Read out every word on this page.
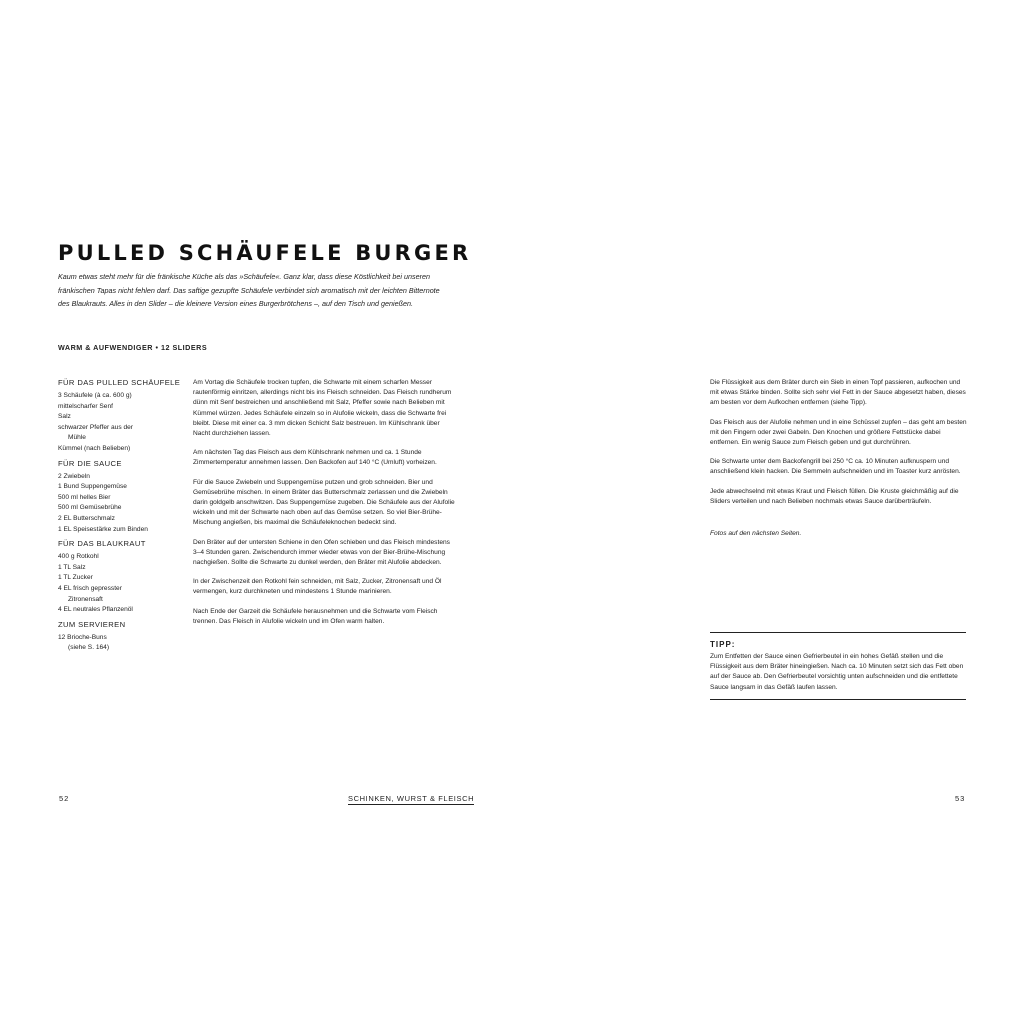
PULLED SCHÄUFELE BURGER
Kaum etwas steht mehr für die fränkische Küche als das »Schäufele«. Ganz klar, dass diese Köstlichkeit bei unseren fränkischen Tapas nicht fehlen darf. Das saftige gezupfte Schäufele verbindet sich aromatisch mit der leichten Bitternote des Blaukrauts. Alles in den Slider – die kleinere Version eines Burgerbrötchens –, auf den Tisch und genießen.
WARM & AUFWENDIGER • 12 SLIDERS
FÜR DAS PULLED SCHÄUFELE
3 Schäufele (à ca. 600 g)
mittelscharfer Senf
Salz
schwarzer Pfeffer aus der
Mühle
Kümmel (nach Belieben)
FÜR DIE SAUCE
2 Zwiebeln
1 Bund Suppengemüse
500 ml helles Bier
500 ml Gemüsebrühe
2 EL Butterschmalz
1 EL Speisestärke zum Binden
FÜR DAS BLAUKRAUT
400 g Rotkohl
1 TL Salz
1 TL Zucker
4 EL frisch gepresster
Zitronensaft
4 EL neutrales Pflanzenöl
ZUM SERVIEREN
12 Brioche-Buns
(siehe S. 164)

Am Vortag die Schäufele trocken tupfen, die Schwarte mit einem scharfen Messer rautenförmig einritzen, allerdings nicht bis ins Fleisch schneiden. Das Fleisch rundherum dünn mit Senf bestreichen und anschließend mit Salz, Pfeffer sowie nach Belieben mit Kümmel würzen. Jedes Schäufele einzeln so in Alufolie wickeln, dass die Schwarte frei bleibt. Diese mit einer ca. 3 mm dicken Schicht Salz bestreuen. Im Kühlschrank über Nacht durchziehen lassen.

Am nächsten Tag das Fleisch aus dem Kühlschrank nehmen und ca. 1 Stunde Zimmertemperatur annehmen lassen. Den Backofen auf 140 °C (Umluft) vorheizen.

Für die Sauce Zwiebeln und Suppengemüse putzen und grob schneiden. Bier und Gemüsebrühe mischen. In einem Bräter das Butterschmalz zerlassen und die Zwiebeln darin goldgelb anschwitzen. Das Suppengemüse zugeben. Die Schäufele aus der Alufolie wickeln und mit der Schwarte nach oben auf das Gemüse setzen. So viel Bier-Brühe-Mischung angießen, bis maximal die Schäufeleknochen bedeckt sind.

Den Bräter auf der untersten Schiene in den Ofen schieben und das Fleisch mindestens 3–4 Stunden garen. Zwischendurch immer wieder etwas von der Bier-Brühe-Mischung nachgießen. Sollte die Schwarte zu dunkel werden, den Bräter mit Alufolie abdecken.

In der Zwischenzeit den Rotkohl fein schneiden, mit Salz, Zucker, Zitronensaft und Öl vermengen, kurz durchkneten und mindestens 1 Stunde marinieren.

Nach Ende der Garzeit die Schäufele herausnehmen und die Schwarte vom Fleisch trennen. Das Fleisch in Alufolie wickeln und im Ofen warm halten.

Die Flüssigkeit aus dem Bräter durch ein Sieb in einen Topf passieren, aufkochen und mit etwas Stärke binden. Sollte sich sehr viel Fett in der Sauce abgesetzt haben, dieses am besten vor dem Aufkochen entfernen (siehe Tipp).

Das Fleisch aus der Alufolie nehmen und in eine Schüssel zupfen – das geht am besten mit den Fingern oder zwei Gabeln. Den Knochen und größere Fettstücke dabei entfernen. Ein wenig Sauce zum Fleisch geben und gut durchrühren.

Die Schwarte unter dem Backofengrill bei 250 °C ca. 10 Minuten aufknuspern und anschließend klein hacken. Die Semmeln aufschneiden und im Toaster kurz anrösten.

Jede abwechselnd mit etwas Kraut und Fleisch füllen. Die Kruste gleichmäßig auf die Sliders verteilen und nach Belieben nochmals etwas Sauce darüberträufeln.

Fotos auf den nächsten Seiten.

TIPP:
Zum Entfetten der Sauce einen Gefrierbeutel in ein hohes Gefäß stellen und die Flüssigkeit aus dem Bräter hineingießen. Nach ca. 10 Minuten setzt sich das Fett oben auf der Sauce ab. Den Gefrierbeutel vorsichtig unten aufschneiden und die entfettete Sauce langsam in das Gefäß laufen lassen.
52	SCHINKEN, WURST & FLEISCH	53
